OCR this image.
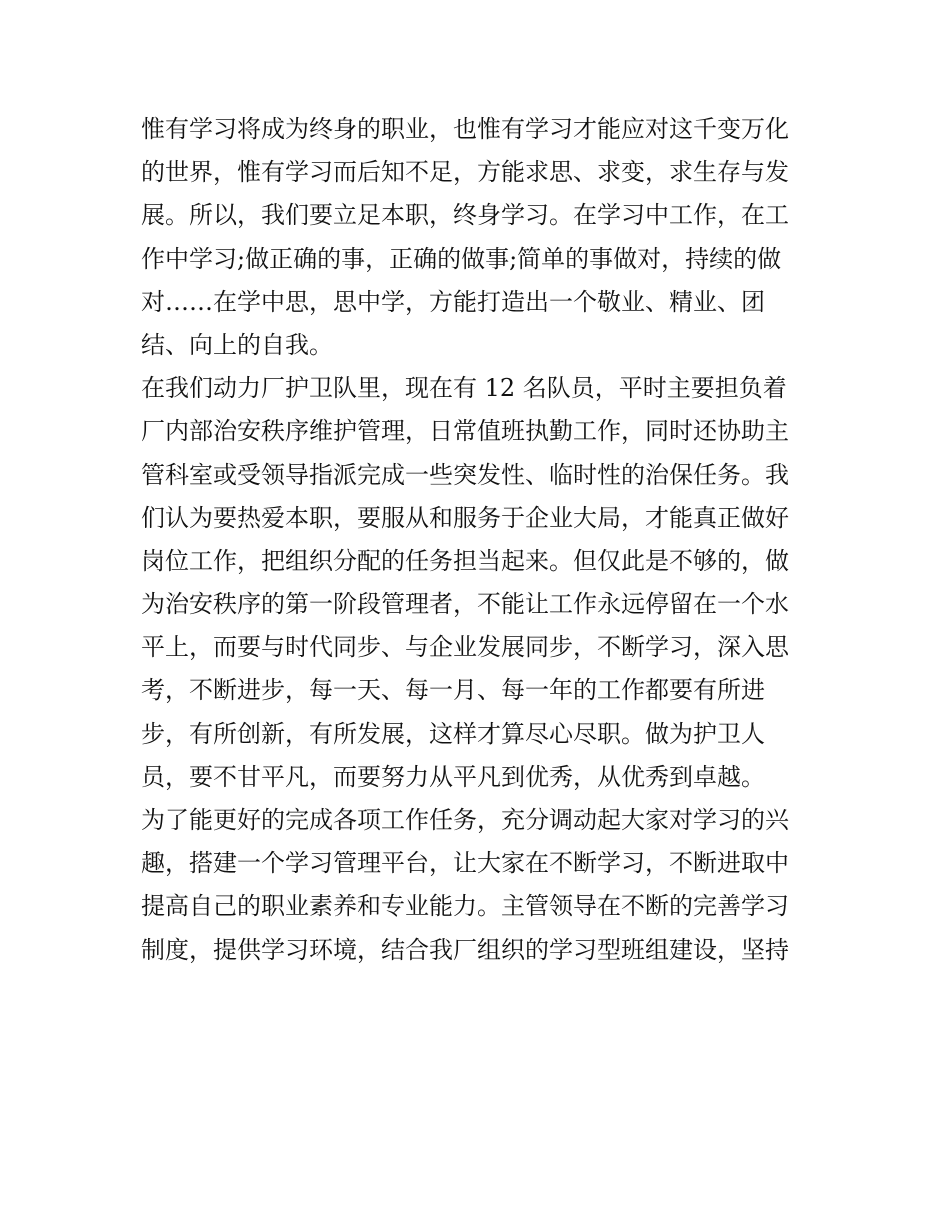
惟有学习将成为终身的职业，也惟有学习才能应对这千变万化
的世界，惟有学习而后知不足，方能求思、求变，求生存与发
展。所以，我们要立足本职，终身学习。在学习中工作，在工
作中学习;做正确的事，正确的做事;简单的事做对，持续的做
对……在学中思，思中学，方能打造出一个敬业、精业、团
结、向上的自我。
在我们动力厂护卫队里，现在有 12 名队员，平时主要担负着
厂内部治安秩序维护管理，日常值班执勤工作，同时还协助主
管科室或受领导指派完成一些突发性、临时性的治保任务。我
们认为要热爱本职，要服从和服务于企业大局，才能真正做好
岗位工作，把组织分配的任务担当起来。但仅此是不够的，做
为治安秩序的第一阶段管理者，不能让工作永远停留在一个水
平上，而要与时代同步、与企业发展同步，不断学习，深入思
考，不断进步，每一天、每一月、每一年的工作都要有所进
步，有所创新，有所发展，这样才算尽心尽职。做为护卫人
员，要不甘平凡，而要努力从平凡到优秀，从优秀到卓越。
为了能更好的完成各项工作任务，充分调动起大家对学习的兴
趣，搭建一个学习管理平台，让大家在不断学习，不断进取中
提高自己的职业素养和专业能力。主管领导在不断的完善学习
制度，提供学习环境，结合我厂组织的学习型班组建设，坚持
